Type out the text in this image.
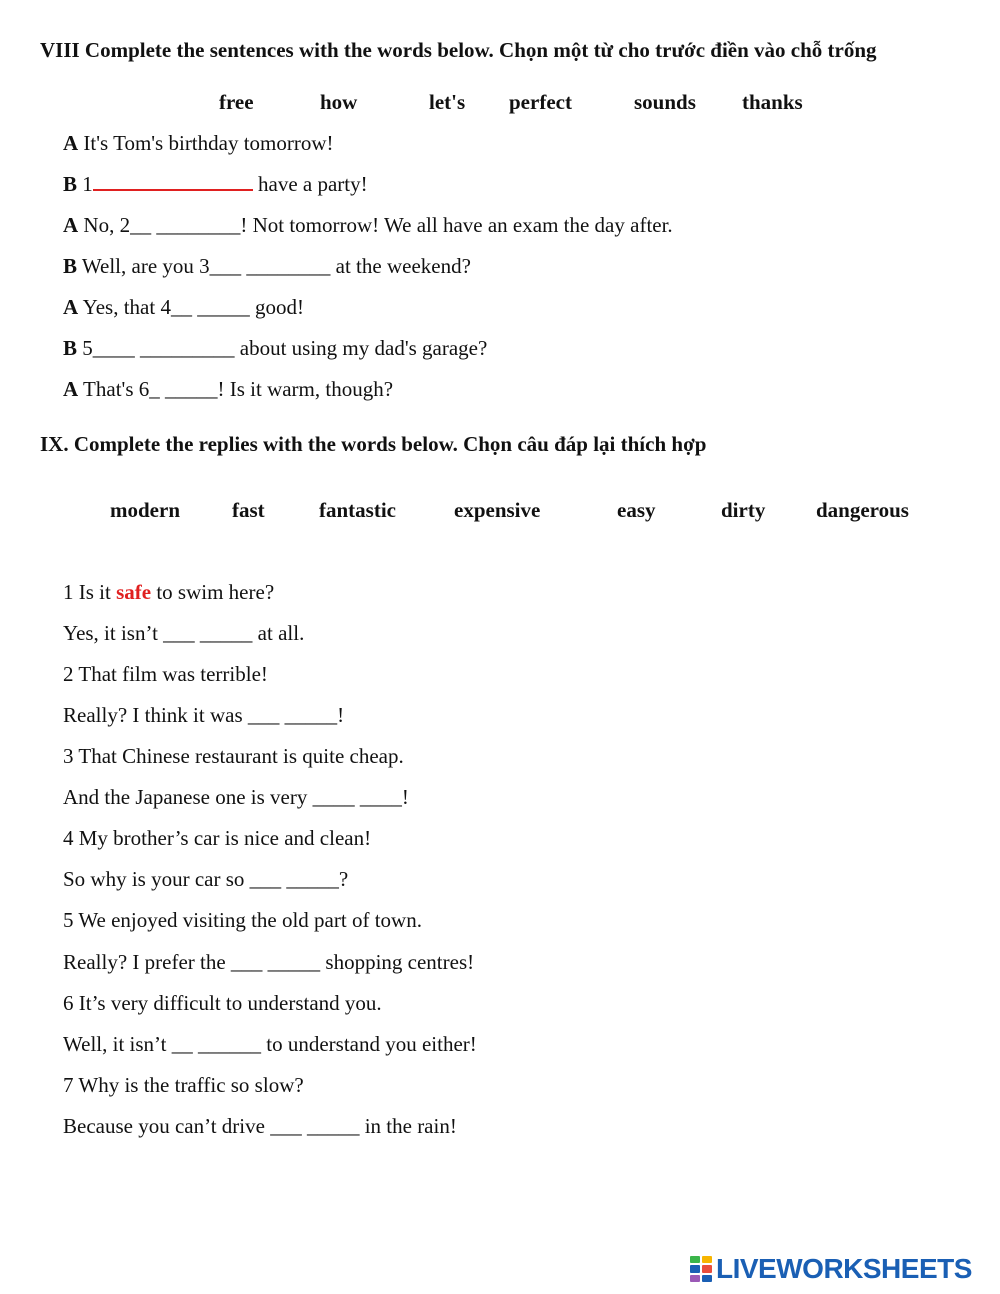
VIII Complete the sentences with the words below. Chọn một từ cho trước điền vào chỗ trống
free	how	let's perfect	sounds thanks
A It's Tom's birthday tomorrow!
B 1	have a party!
A No, 2__ ________! Not tomorrow! We all have an exam the day after.
B Well, are you 3___ ________ at the weekend?
A Yes, that 4__ _____ good!
B 5____ _________ about using my dad's garage?
A That's 6_ _____! Is it warm, though?
IX. Complete the replies with the words below. Chọn câu đáp lại thích hợp
modern fast	fantastic	expensive	easy	dirty dangerous
1 Is it safe to swim here?
Yes, it isn’t ___ _____ at all.
2 That film was terrible!
Really? I think it was ___ _____!
3 That Chinese restaurant is quite cheap.
And the Japanese one is very ____ ____!
4 My brother’s car is nice and clean!
So why is your car so ___ _____?
5 We enjoyed visiting the old part of town.
Really? I prefer the ___ _____ shopping centres!
6 It’s very difficult to understand you.
Well, it isn’t __ ______ to understand you either!
7 Why is the traffic so slow?
Because you can’t drive ___ _____ in the rain!
LIVEWORKSHEETS
